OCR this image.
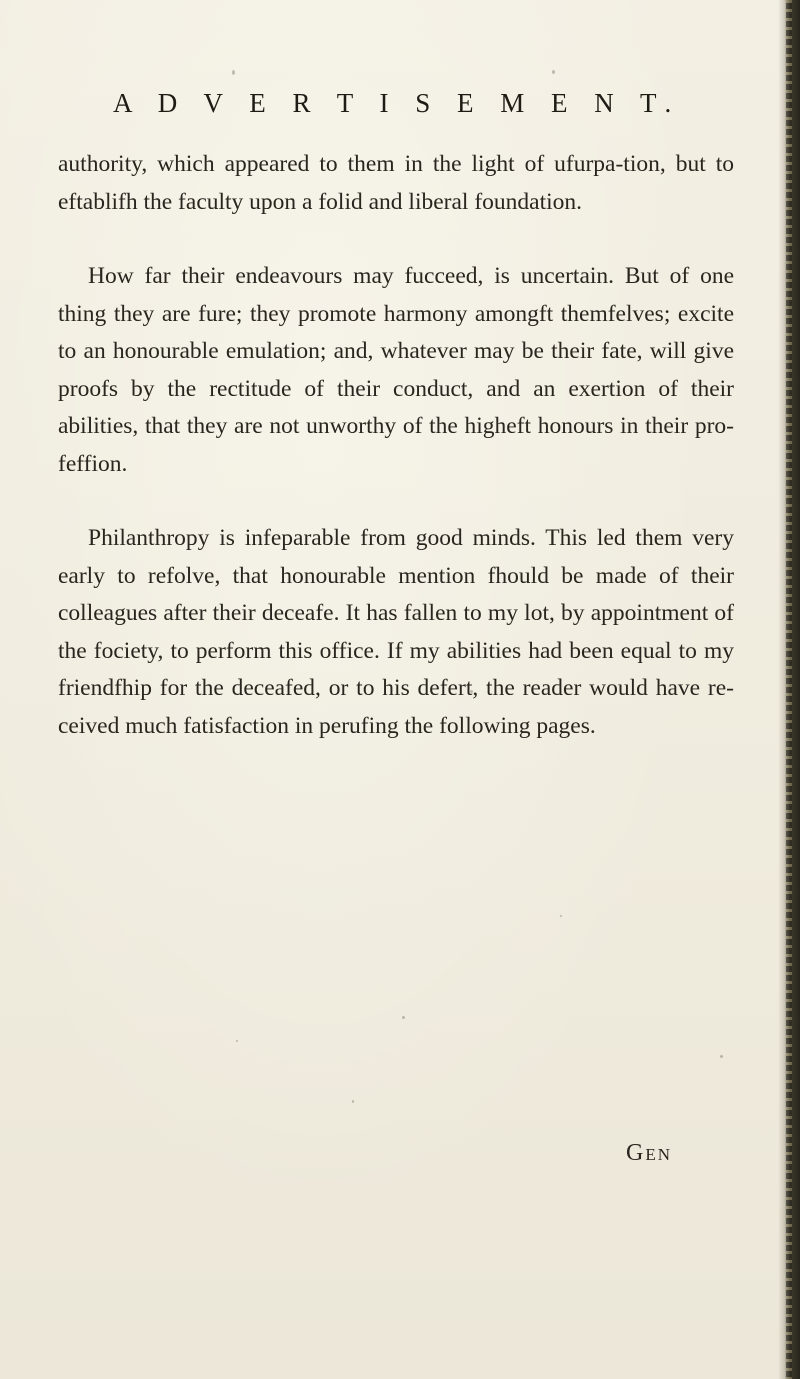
A D V E R T I S E M E N T.

authority, which appeared to them in the light of ufurpa-tion, but to eftablifh the faculty upon a folid and liberal foundation.

How far their endeavours may fucceed, is uncertain. But of one thing they are fure; they promote harmony amongft themfelves; excite to an honourable emulation; and, whatever may be their fate, will give proofs by the rectitude of their conduct, and an exertion of their abilities, that they are not unworthy of the higheft honours in their pro-feffion.

Philanthropy is infeparable from good minds. This led them very early to refolve, that honourable mention fhould be made of their colleagues after their deceafe. It has fallen to my lot, by appointment of the fociety, to perform this office. If my abilities had been equal to my friendfhip for the deceafed, or to his defert, the reader would have re-ceived much fatisfaction in perufing the following pages.

Gen
